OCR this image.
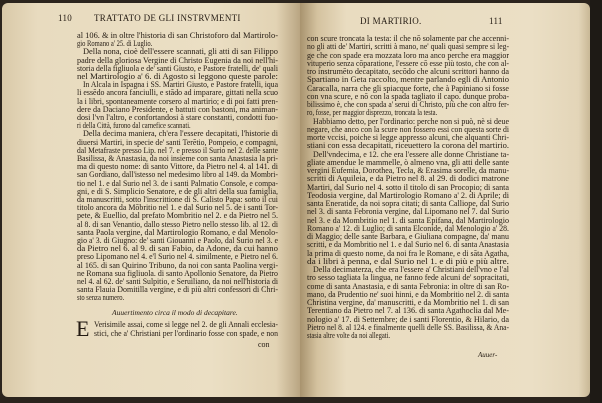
110 TRATTATO DE GLI INSTRVMENTI
al 106. & in oltre l'historia di san Christoforo dal Martirolo-
gio Romano a' 25. di Luglio.
Della nona, cioè dell'essere scannati, gli atti di san Filippo
padre della gloriosa Vergine di Christo Eugenia da noi nell'hi-
storia della figliuola e de' santi Giusto, e Pastore fratelli, de' quali
nel Martirologio a' 6. di Agosto si leggono queste parole:
In Alcala in Ispagna i SS. Martiri Giusto, e Pastore fratelli, iqua
li essēdo ancora fanciulli, e stādo ad imparare, gittati nella scuo
la i libri, spontaneamente corsero al martirio; e di poi fatti pren-
dere da Daciano Presidente, e battuti con bastoni, ma animan-
dosi l'vn l'altro, e confortandosi à stare constanti, condotti fuo-
ri della Città, furono dal carnefice scannati.
Della decima maniera, ch'era l'essere decapitati, l'historie di
diuersi Martiri, in specie de' santi Terētio, Pompeio, e compagni,
dal Metafraste presso Lip. nel 7. e presso il Surio nel 2. delle sante
Basilissa, & Anastasia, da noi insieme con santa Anastasia la pri-
ma di questo nome: di santo Vittore, da Pietro nel 4. al 141. di
san Gordiano, dall'istesso nel medesimo libro al 149. da Mombri-
tio nel 1. e dal Surio nel 3. de i santi Palmatio Console, e compa-
gni, e di S. Simplicio Senatore, e de gli altri della sua famiglia,
da manuscritti, sotto l'inscrittione di S. Calisto Papa: sotto il cui
titolo ancora da Mōbritio nel 1. e dal Surio nel 5. de i santi Tor-
pete, & Euellio, dal prefato Mombritio nel 2. e da Pietro nel 5.
al 8. di san Venantio, dallo stesso Pietro nello stesso lib. al 12. di
santa Paola vergine, dal Martirologio Romano, e dal Menolo-
gio a' 3. di Giugno: de' santi Giouanni e Paolo, dal Surio nel 3. e
da Pietro nel 6. al 9. di san Fabio, da Adone, da cui hanno
preso Lipomano nel 4. e'l Surio nel 4. similmente, e Pietro nel 6.
al 165. di san Quirino Tribuno, da noi con santa Paolina vergi-
ne Romana sua figliuola. di santo Apollonio Senatore, da Pietro
nel 4. al 62. de' santi Sulpitio, e Seruiliano, da noi nell'historia di
santa Flauia Domitilla vergine, e di più altri confessori di Chri-
sto senza numero.
Auuertimento circa il modo di decapitare.
E Verisimile assai, come si legge nel 2. de gli Annali ecclesia-
stici, che a' Christiani per l'ordinario fosse con spade, e non
con
DI MARTIRIO.	111
con scure troncata la testa: il che nō solamente par che accenni-
no gli atti de' Martiri, scritti à mano, ne' quali quasi sempre si leg-
ge che con spade era mozzata loro ma anco perche era maggior
vituperio senza cōparatione, l'essere cō esse più tosto, che con al-
tro instrumēto decapitato, secōdo che alcuni scrittori hanno da
Spartiano in Geta raccolto, mentre parlando egli di Antonio
Caracalla, narra che gli spiacque forte, che à Papiniano si fosse
con vna scure, e nō con la spada tagliato il capo. dunque proba-
bilissimo è, che con spada a' serui di Christo, più che con altro fer-
ro, fosse, per maggior disprezzo, troncata la testa.
Habbiamo detto, per l'ordinario: perche non si può, nè si deue
negare, che anco con la scure non fossero essi con questa sorte di
morte vccisi, poiche si legge appresso alcuni, che alquanti Chri-
stiani con essa decapitati, riceuettero la corona del martirio.
Dell'vndecima, e 12. che era l'essere alle donne Christiane ta-
gliate amendue le mammelle, ò almeno vna, gli atti delle sante
vergini Eufemia, Dorothea, Tecla, & Erasima sorelle, da manu-
scritti di Aquileia, e da Pietro nel 8. al 29. di dodici matrone
Martiri, dal Surio nel 4. sotto il titolo di san Procopio; di santa
Teodosia vergine, dal Martirologio Romano a' 2. di Aprile; di
santa Eneratide, da noi sopra citati; di santa Calliope, dal Surio
nel 3. di santa Febronia vergine, dal Lipomano nel 7. dal Surio
nel 3. e da Mombritio nel 1. di santa Epifana, dal Martirologio
Romano a' 12. di Luglio; di santa Elconide, dal Menologio a' 28.
di Maggio; delle sante Barbara, e Giuliana compagne, da' manu
scritti, e da Mombritio nel 1. e dal Surio nel 6. di santa Anastasia
la prima di questo nome, da noi fra le Romane, e di sāta Agatha,
da i libri à penna, e dal Surio nel 1. e di più e più altre.
Della decimaterza, che era l'essere a' Christiani dell'vno e l'al
tro sesso tagliata la lingua, ne fanno fede alcuni de' sopracitati,
come di santa Anastasia, e di santa Febronia: in oltre di san Ro-
mano, da Prudentio ne' suoi hinni, e da Mombritio nel 2. di santa
Christina vergine, da' manuscritti, e da Mombritio nel 1. di san
Terentiano da Pietro nel 7. al 136. di santa Agathoclia dal Me-
nologio a' 17. di Settembre; de i santi Florentio, & Hilario, da
Pietro nel 8. al 124. e finalmente quelli delle SS. Basilissa, & Ana-
stasia altre volte da noi allegati.
Auuer-
